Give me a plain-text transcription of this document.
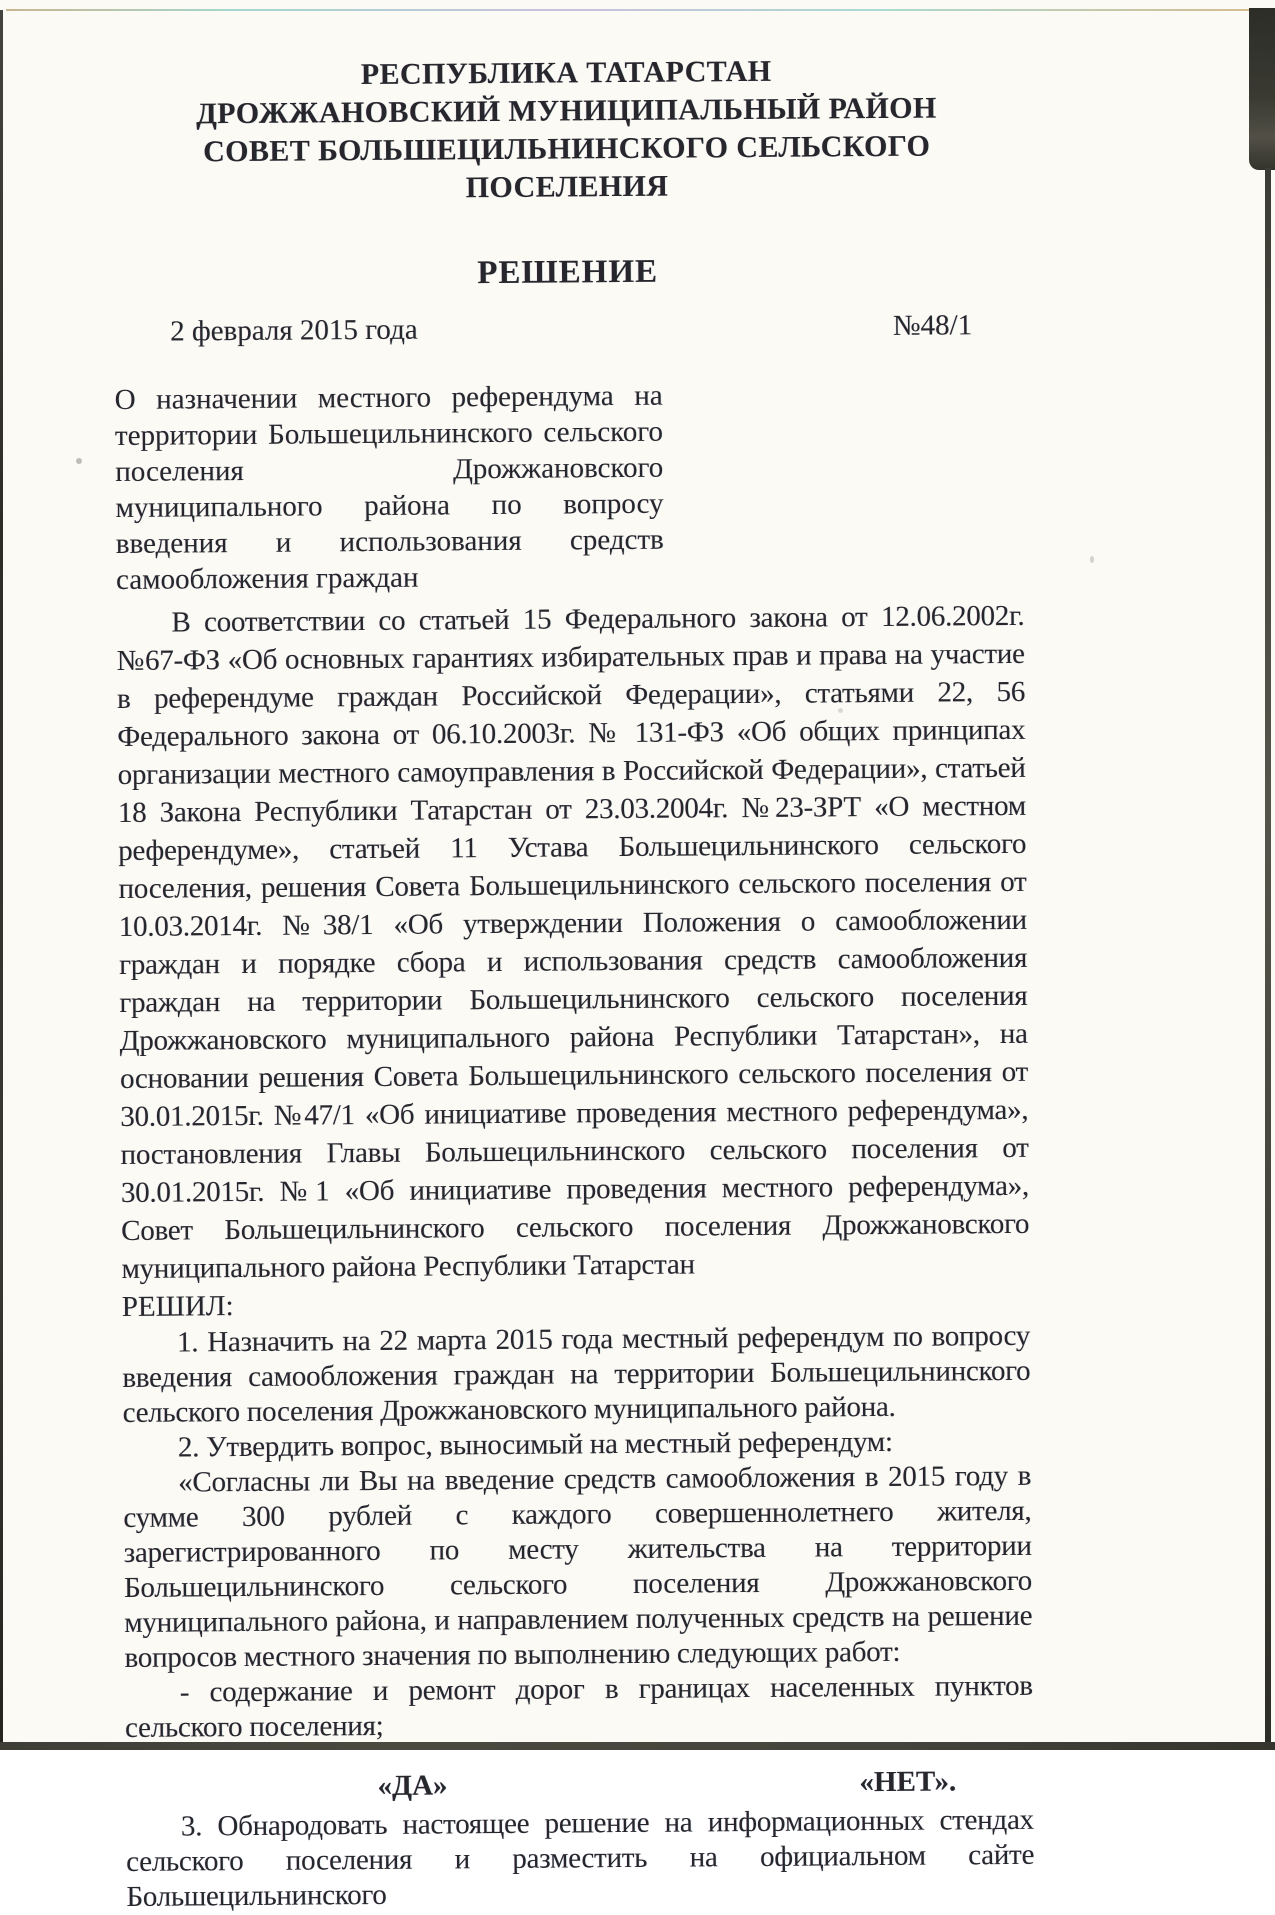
РЕСПУБЛИКА ТАТАРСТАН
ДРОЖЖАНОВСКИЙ МУНИЦИПАЛЬНЫЙ РАЙОН
СОВЕТ БОЛЬШЕЦИЛЬНИНСКОГО СЕЛЬСКОГО ПОСЕЛЕНИЯ
РЕШЕНИЕ
2 февраля 2015 года	№48/1
О назначении местного референдума на территории Большецильнинского сельского поселения Дрожжановского муниципального района по вопросу введения и использования средств самообложения граждан
В соответствии со статьей 15 Федерального закона от 12.06.2002г. №67-ФЗ «Об основных гарантиях избирательных прав и права на участие в референдуме граждан Российской Федерации», статьями 22, 56 Федерального закона от 06.10.2003г. № 131-ФЗ «Об общих принципах организации местного самоуправления в Российской Федерации», статьей 18 Закона Республики Татарстан от 23.03.2004г. №23-ЗРТ «О местном референдуме», статьей 11 Устава Большецильнинского сельского поселения, решения Совета Большецильнинского сельского поселения от 10.03.2014г. №38/1 «Об утверждении Положения о самообложении граждан и порядке сбора и использования средств самообложения граждан на территории Большецильнинского сельского поселения Дрожжановского муниципального района Республики Татарстан», на основании решения Совета Большецильнинского сельского поселения от 30.01.2015г. №47/1 «Об инициативе проведения местного референдума», постановления Главы Большецильнинского сельского поселения от 30.01.2015г. №1 «Об инициативе проведения местного референдума», Совет Большецильнинского сельского поселения Дрожжановского муниципального района Республики Татарстан
РЕШИЛ:
1. Назначить на 22 марта 2015 года местный референдум по вопросу введения самообложения граждан на территории Большецильнинского сельского поселения Дрожжановского муниципального района.
2. Утвердить вопрос, выносимый на местный референдум:
«Согласны ли Вы на введение средств самообложения в 2015 году в сумме 300 рублей с каждого совершеннолетнего жителя, зарегистрированного по месту жительства на территории Большецильнинского сельского поселения Дрожжановского муниципального района, и направлением полученных средств на решение вопросов местного значения по выполнению следующих работ:
- содержание и ремонт дорог в границах населенных пунктов сельского поселения;
«ДА»	«НЕТ».
3. Обнародовать настоящее решение на информационных стендах сельского поселения и разместить на официальном сайте Большецильнинского
